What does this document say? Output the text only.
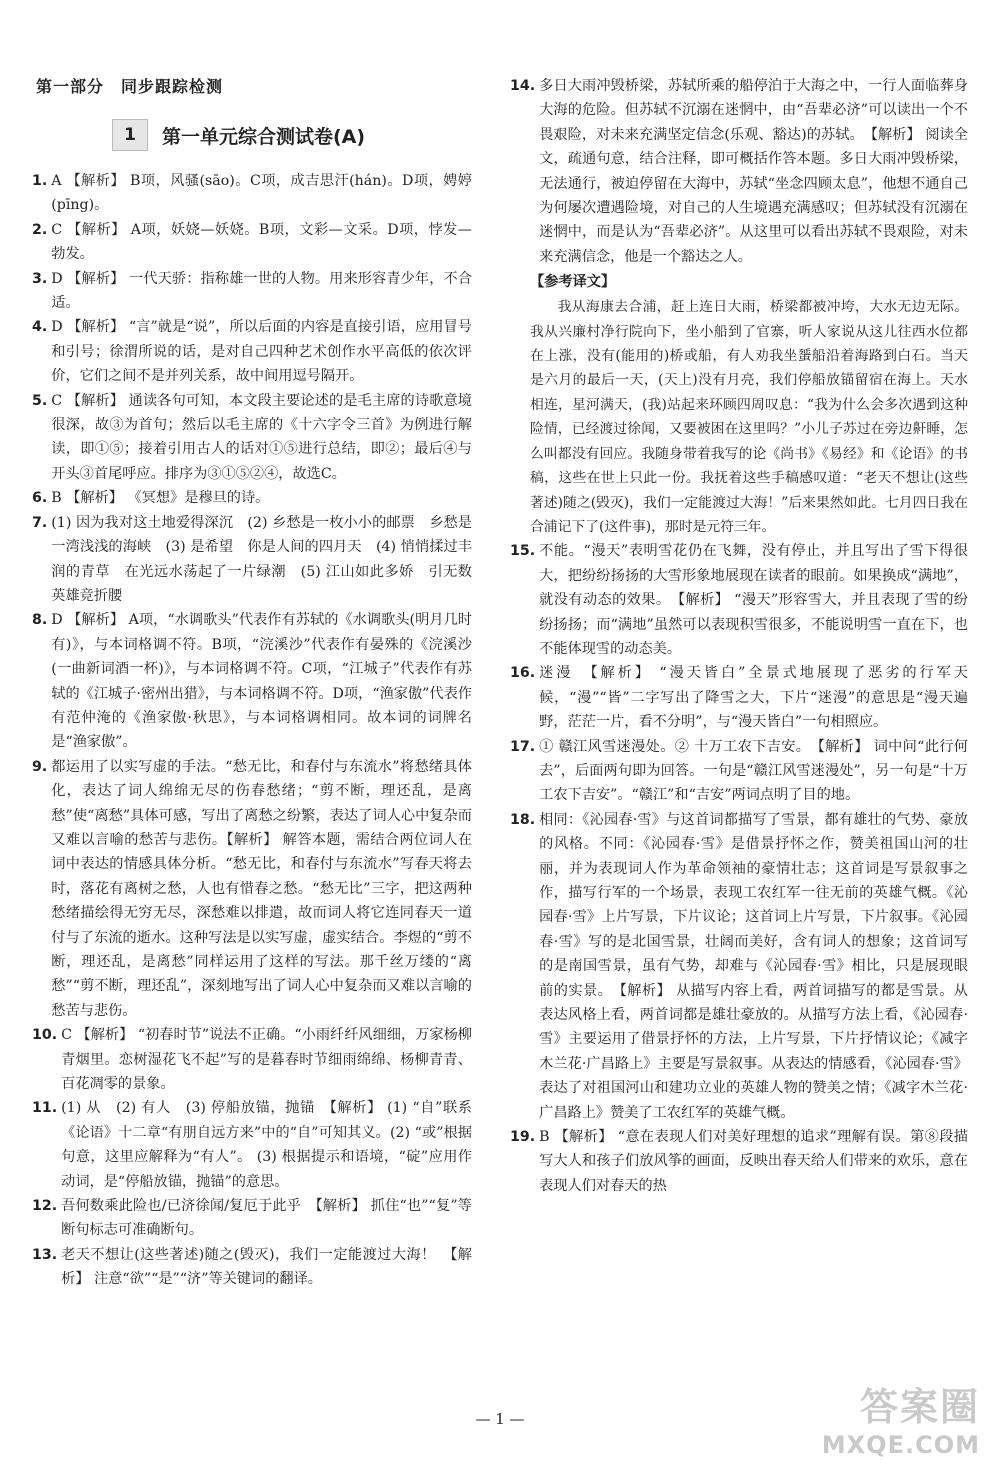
第一部分　同步跟踪检测
1	第一单元综合测试卷(A)
1. A 【解析】 B项，风骚(sāo)。C项，成吉思汗(hán)。D项，娉婷(pīng)。
2. C 【解析】 A项，妖娆—妖娆。B项，文彩—文采。D项，悖发—勃发。
3. D 【解析】 一代天骄：指称雄一世的人物。用来形容青少年，不合适。
4. D 【解析】 “言”就是“说”，所以后面的内容是直接引语，应用冒号和引号；徐渭所说的话，是对自己四种艺术创作水平高低的依次评价，它们之间不是并列关系，故中间用逗号隔开。
5. C 【解析】 通读各句可知，本文段主要论述的是毛主席的诗歌意境很深，故③为首句；然后以毛主席的《十六字令三首》为例进行解读，即①⑤；接着引用古人的话对①⑤进行总结，即②；最后④与开头③首尾呼应。排序为③①⑤②④，故选C。
6. B 【解析】 《冥想》是穆旦的诗。
7. (1) 因为我对这土地爱得深沉　(2) 乡愁是一枚小小的邮票　乡愁是一湾浅浅的海峡　(3) 是希望　你是人间的四月天　(4) 悄悄揉过丰润的青草　在光远水荡起了一片绿潮　(5) 江山如此多娇　引无数英雄竞折腰
8. D 【解析】 A项，“水调歌头”代表作有苏轼的《水调歌头(明月几时有)》，与本词格调不符。B项，“浣溪沙”代表作有晏殊的《浣溪沙(一曲新词酒一杯)》，与本词格调不符。C项，“江城子”代表作有苏轼的《江城子·密州出猎》，与本词格调不符。D项，“渔家傲”代表作有范仲淹的《渔家傲·秋思》，与本词格调相同。故本词的词牌名是“渔家傲”。
9. 都运用了以实写虚的手法。“愁无比，和春付与东流水”将愁绪具体化，表达了词人绵绵无尽的伤春愁绪；“剪不断，理还乱，是离愁”使“离愁”具体可感，写出了离愁之纷繁，表达了词人心中复杂而又难以言喻的愁苦与悲伤。【解析】 解答本题，需结合两位词人在词中表达的情感具体分析。“愁无比，和春付与东流水”写春天将去时，落花有离树之愁，人也有惜春之愁。“愁无比”三字，把这两种愁绪描绘得无穷无尽，深愁难以排遣，故而词人将它连同春天一道付与了东流的逝水。这种写法是以实写虚，虚实结合。李煜的“剪不断，理还乱，是离愁”同样运用了这样的写法。那千丝万缕的“离愁”“剪不断，理还乱”，深刻地写出了词人心中复杂而又难以言喻的愁苦与悲伤。
10. C 【解析】 “初春时节”说法不正确。“小雨纤纤风细细，万家杨柳青烟里。恋树湿花飞不起”写的是暮春时节细雨绵绵、杨柳青青、百花凋零的景象。
11. (1) 从　(2) 有人　(3) 停船放锚，抛锚　【解析】 (1) “自”联系《论语》十二章“有朋自远方来”中的“自”可知其义。(2) “或”根据句意，这里应解释为“有人”。 (3) 根据提示和语境，“碇”应用作动词，是“停船放锚，抛锚”的意思。
12. 吾何数乘此险也/已济徐闻/复厄于此乎　【解析】 抓住“也”“复”等断句标志可准确断句。
13. 老天不想让(这些著述)随之(毁灭)，我们一定能渡过大海！　【解析】 注意“欲”“是”“济”等关键词的翻译。
14. 多日大雨冲毁桥梁，苏轼所乘的船停泊于大海之中，一行人面临葬身大海的危险。但苏轼不沉溺在迷惘中，由“吾辈必济”可以读出一个不畏艰险，对未来充满坚定信念(乐观、豁达)的苏轼。　【解析】 阅读全文，疏通句意，结合注释，即可概括作答本题。多日大雨冲毁桥梁，无法通行，被迫停留在大海中，苏轼“坐念四顾太息”，他想不通自己为何屡次遭遇险境，对自己的人生境遇充满感叹；但苏轼没有沉溺在迷惘中，而是认为“吾辈必济”。从这里可以看出苏轼不畏艰险，对未来充满信念，他是一个豁达之人。
【参考译文】
我从海康去合浦，赶上连日大雨，桥梁都被冲垮，大水无边无际。我从兴廉村净行院向下，坐小船到了官寨，听人家说从这儿往西水位都在上涨，没有(能用的)桥或船，有人劝我坐蜑船沿着海路到白石。当天是六月的最后一天，(天上)没有月亮，我们停船放锚留宿在海上。天水相连，星河满天，(我)站起来环顾四周叹息：“我为什么会多次遇到这种险情，已经渡过徐闻，又要被困在这里吗？”小儿子苏过在旁边鼾睡，怎么叫都没有回应。我随身带着我写的论《尚书》《易经》和《论语》的书稿，这些在世上只此一份。我抚着这些手稿感叹道：“老天不想让(这些著述)随之(毁灭)，我们一定能渡过大海！”后来果然如此。七月四日我在合浦记下了(这件事)，那时是元符三年。
15. 不能。“漫天”表明雪花仍在飞舞，没有停止，并且写出了雪下得很大，把纷纷扬扬的大雪形象地展现在读者的眼前。如果换成“满地”，就没有动态的效果。　【解析】 “漫天”形容雪大，并且表现了雪的纷纷扬扬；而“满地”虽然可以表现积雪很多，不能说明雪一直在下，也不能体现雪的动态美。
16. 迷漫　【解析】 “漫天皆白”全景式地展现了恶劣的行军天候，“漫”“皆”二字写出了降雪之大，下片“迷漫”的意思是“漫天遍野，茫茫一片，看不分明”，与“漫天皆白”一句相照应。
17. ① 赣江风雪迷漫处。② 十万工农下吉安。　【解析】 词中问“此行何去”，后面两句即为回答。一句是“赣江风雪迷漫处”，另一句是“十万工农下吉安”。“赣江”和“吉安”两词点明了目的地。
18. 相同：《沁园春·雪》与这首词都描写了雪景，都有雄壮的气势、豪放的风格。不同：《沁园春·雪》是借景抒怀之作，赞美祖国山河的壮丽，并为表现词人作为革命领袖的豪情壮志；这首词是写景叙事之作，描写行军的一个场景，表现工农红军一往无前的英雄气概。《沁园春·雪》上片写景，下片议论；这首词上片写景，下片叙事。《沁园春·雪》写的是北国雪景，壮阔而美好，含有词人的想象；这首词写的是南国雪景，虽有气势，却难与《沁园春·雪》相比，只是展现眼前的实景。　【解析】 从描写内容上看，两首词描写的都是雪景。从表达风格上看，两首词都是雄壮豪放的。从描写方法上看，《沁园春·雪》主要运用了借景抒怀的方法，上片写景，下片抒情议论；《减字木兰花·广昌路上》主要是写景叙事。从表达的情感看，《沁园春·雪》表达了对祖国河山和建功立业的英雄人物的赞美之情；《减字木兰花·广昌路上》赞美了工农红军的英雄气概。
19. B 【解析】 “意在表现人们对美好理想的追求”理解有误。第⑧段描写大人和孩子们放风筝的画面，反映出春天给人们带来的欢乐，意在表现人们对春天的热
— 1 —	答案圈
MXQE.COM
